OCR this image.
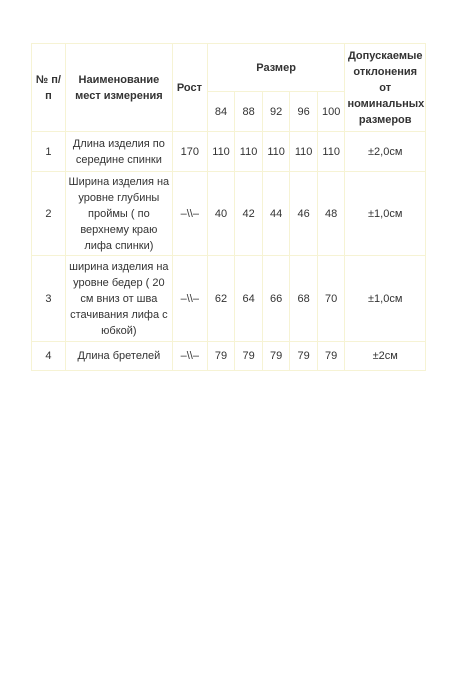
№ п/п	Наименование мест измерения	Рост	Размер					Допускаемые отклонения от номинальных размеров
			84	88	92	96	100	
1	Длина изделия по середине спинки	170	110	110	110	110	110	±2,0см
2	Ширина изделия на уровне глубины проймы ( по верхнему краю лифа спинки)	–\\–	40	42	44	46	48	±1,0см
3	ширина изделия на уровне бедер ( 20 см вниз от шва стачивания лифа с юбкой)	–\\–	62	64	66	68	70	±1,0см
4	Длина бретелей	–\\–	79	79	79	79	79	±2см
